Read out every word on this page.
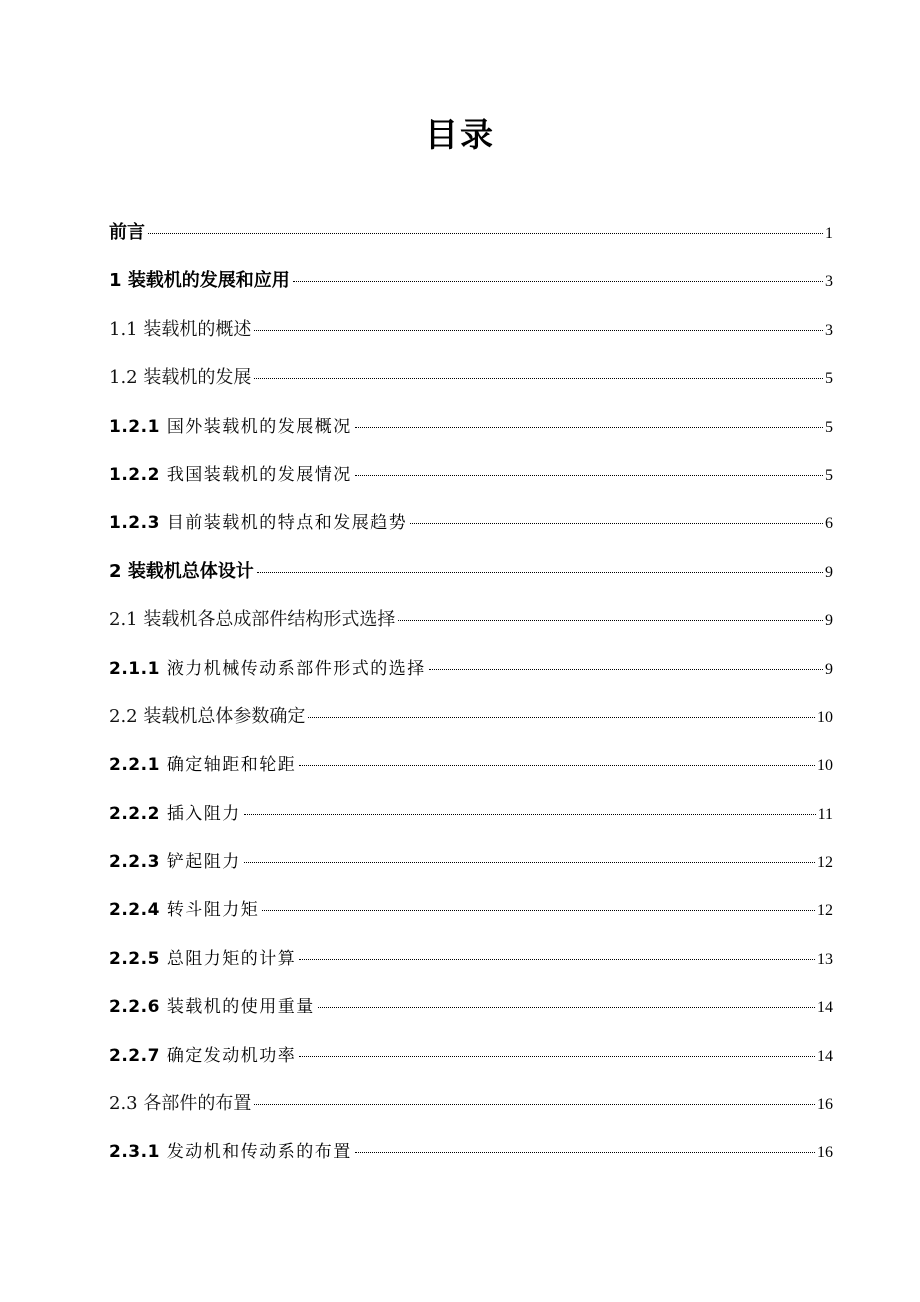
目录
前言	1
1 装载机的发展和应用	3
1.1 装载机的概述	3
1.2 装载机的发展	5
1.2.1 国外装载机的发展概况	5
1.2.2 我国装载机的发展情况	5
1.2.3 目前装载机的特点和发展趋势	6
2 装载机总体设计	9
2.1 装载机各总成部件结构形式选择	9
2.1.1 液力机械传动系部件形式的选择	9
2.2 装载机总体参数确定	10
2.2.1 确定轴距和轮距	10
2.2.2 插入阻力	11
2.2.3 铲起阻力	12
2.2.4 转斗阻力矩	12
2.2.5 总阻力矩的计算	13
2.2.6 装载机的使用重量	14
2.2.7 确定发动机功率	14
2.3 各部件的布置	16
2.3.1 发动机和传动系的布置	16
